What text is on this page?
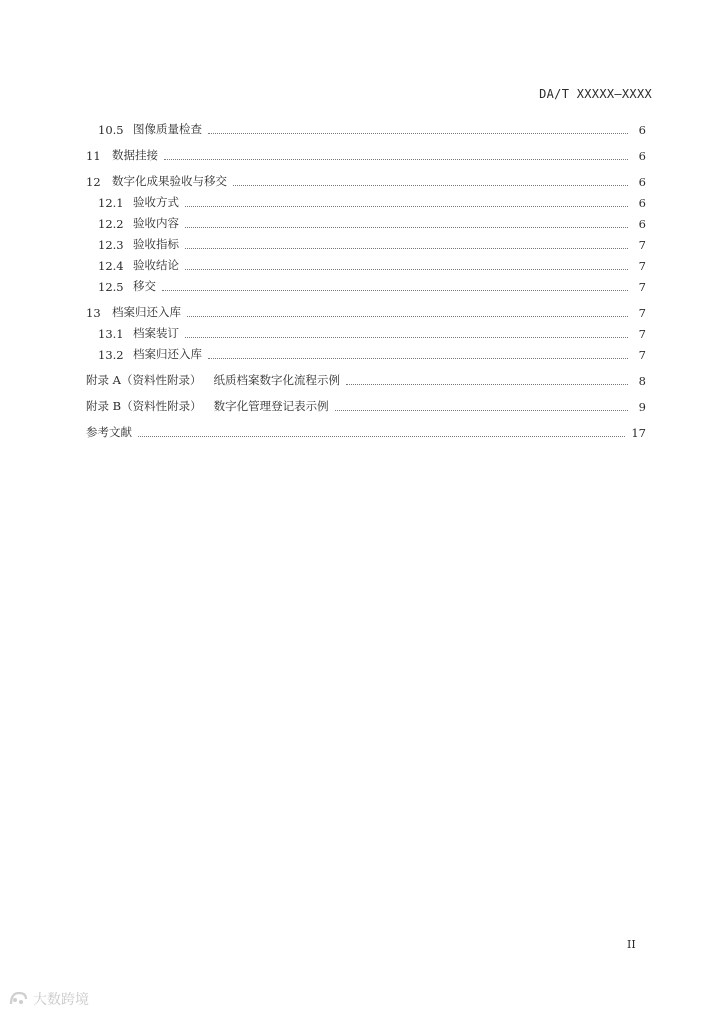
DA/T XXXXX—XXXX
10.5 图像质量检查	6
11 数据挂接	6
12 数字化成果验收与移交	6
12.1 验收方式	6
12.2 验收内容	6
12.3 验收指标	7
12.4 验收结论	7
12.5 移交	7
13 档案归还入库	7
13.1 档案装订	7
13.2 档案归还入库	7
附录 A（资料性附录） 纸质档案数字化流程示例	8
附录 B（资料性附录） 数字化管理登记表示例	9
参考文献	17
II
大数跨境
